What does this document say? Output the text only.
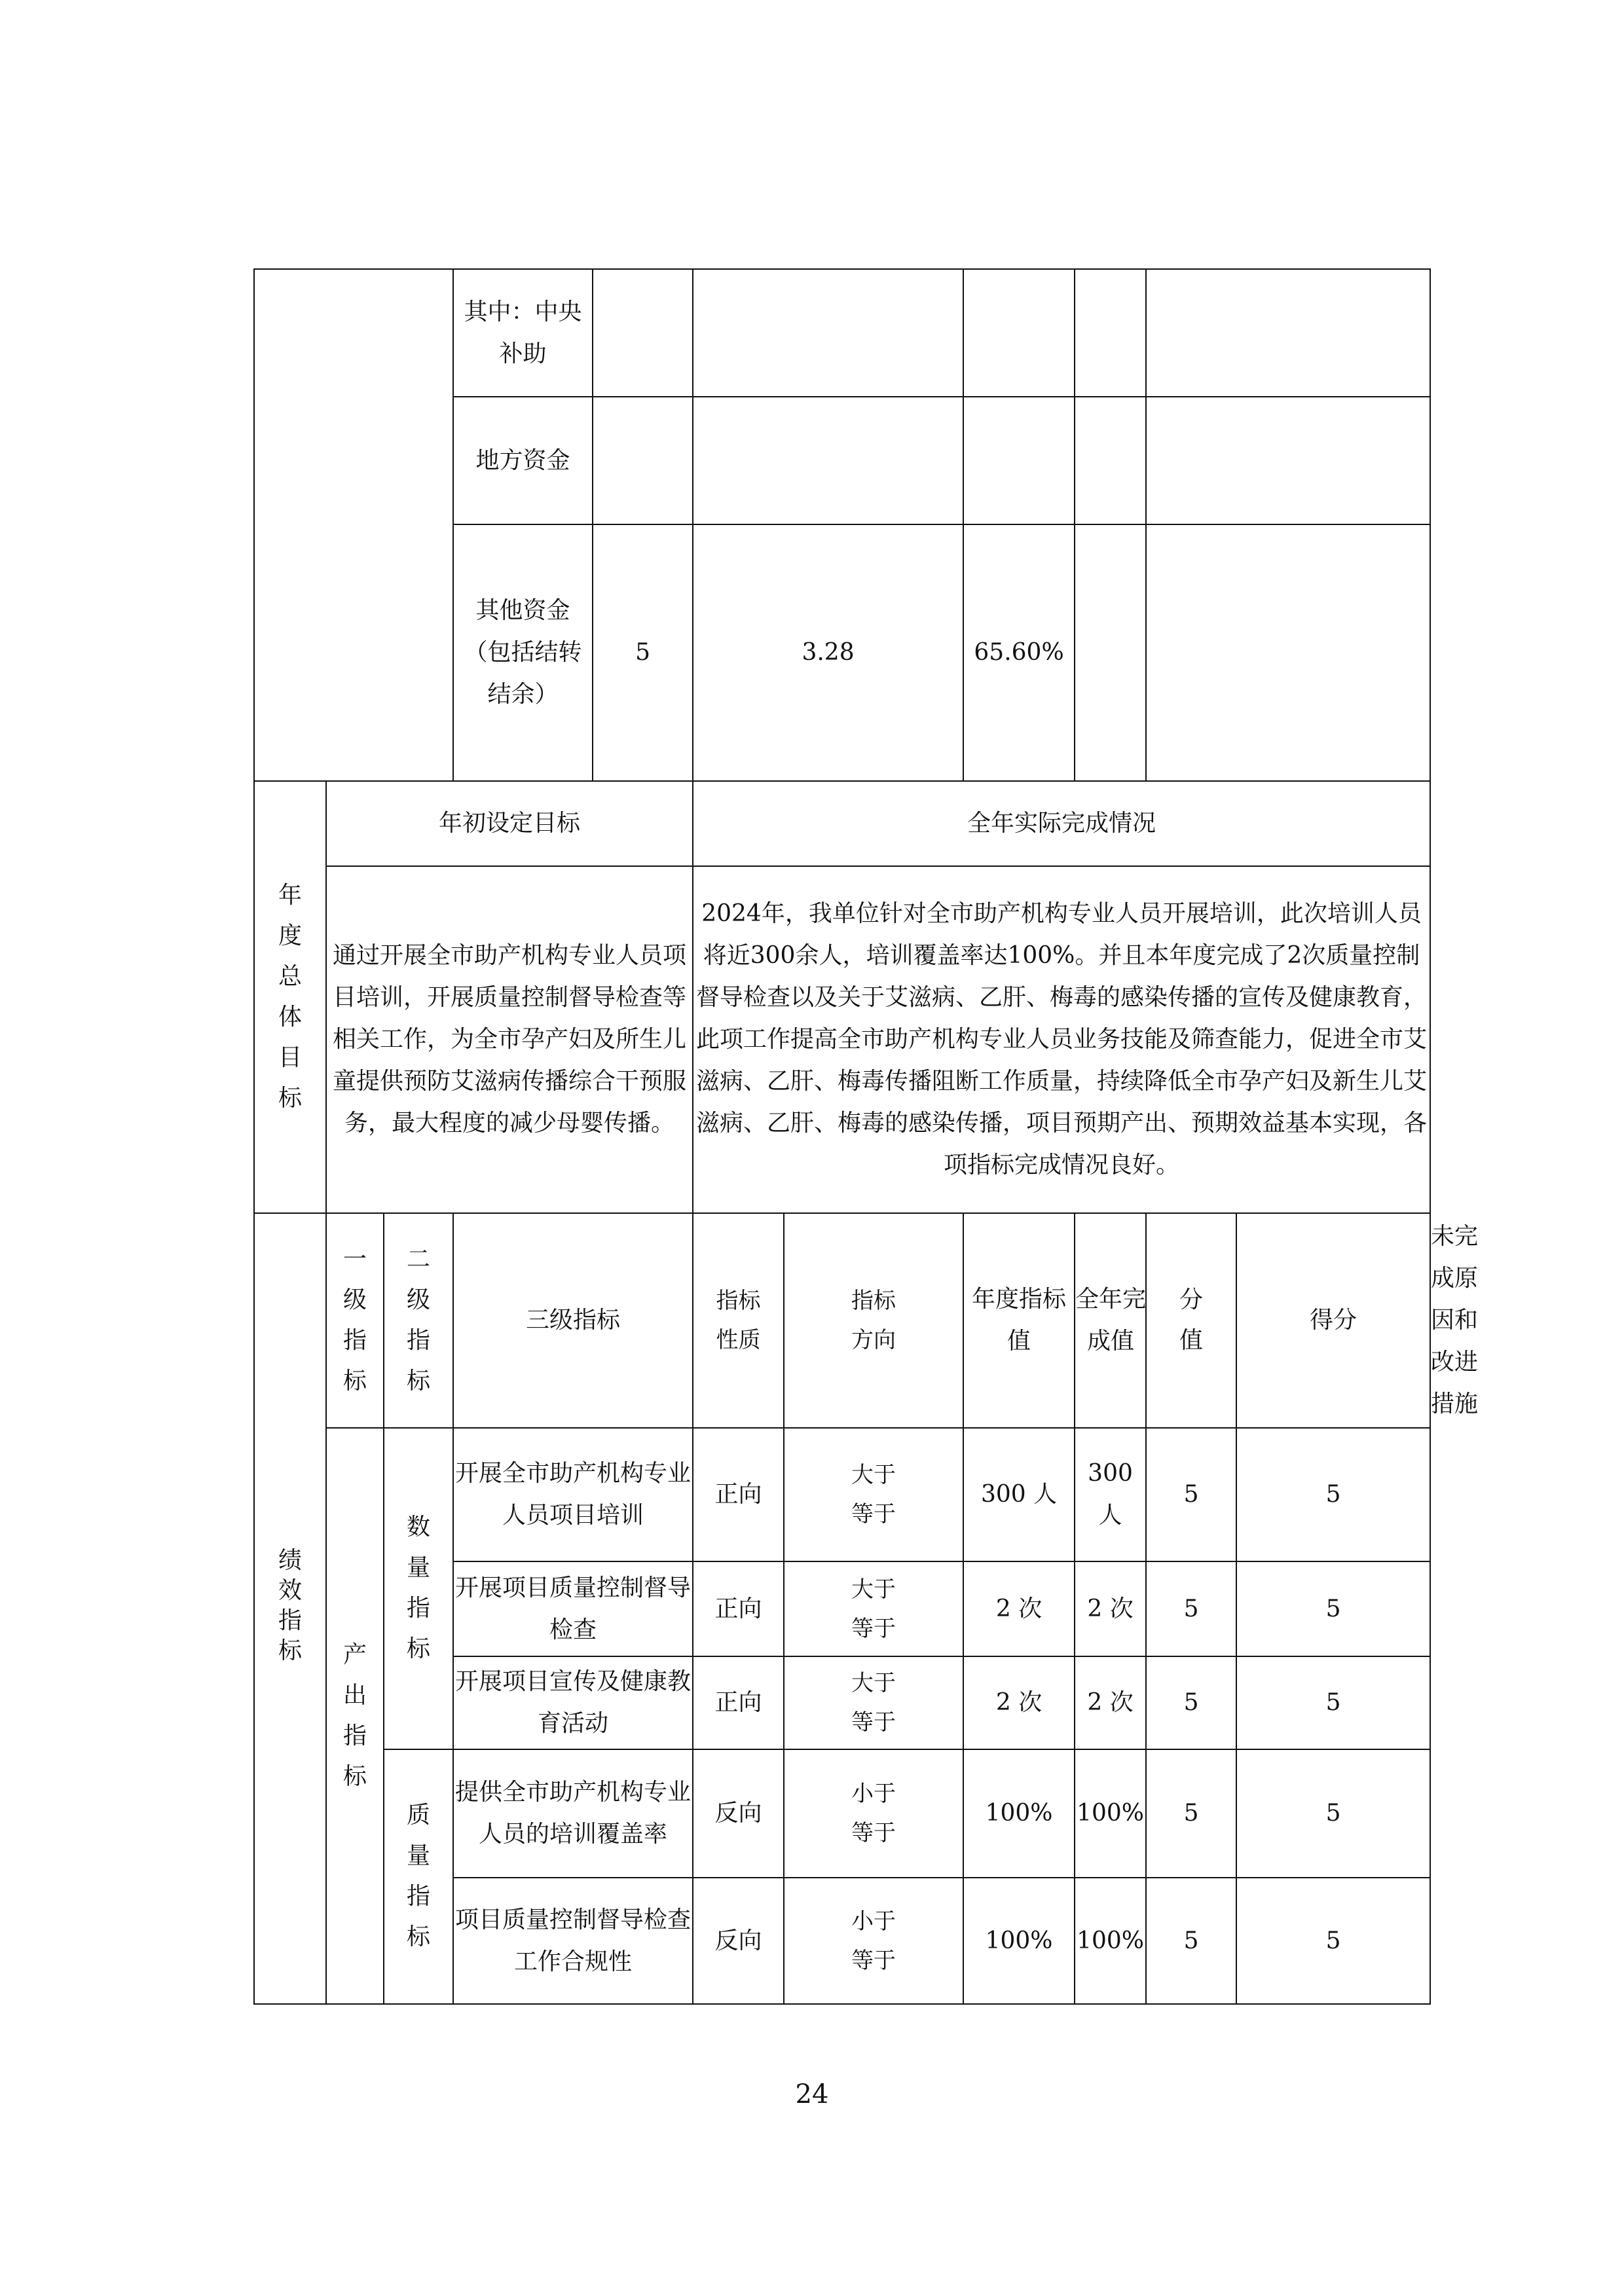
			其中：中央补助								
			地方资金								
			其他资金（包括结转结余）	5	3.28		65.60%				
年度总体目标	年初设定目标				全年实际完成情况						
	通过开展全市助产机构专业人员项目培训，开展质量控制督导检查等相关工作，为全市孕产妇及所生儿童提供预防艾滋病传播综合干预服务，最大程度的减少母婴传播。				2024年，我单位针对全市助产机构专业人员开展培训，此次培训人员将近300余人，培训覆盖率达100%。并且本年度完成了2次质量控制督导检查以及关于艾滋病、乙肝、梅毒的感染传播的宣传及健康教育，此项工作提高全市助产机构专业人员业务技能及筛查能力，促进全市艾滋病、乙肝、梅毒传播阻断工作质量，持续降低全市孕产妇及新生儿艾滋病、乙肝、梅毒的感染传播，项目预期产出、预期效益基本实现，各项指标完成情况良好。						
绩效指标	一级指标	二级指标	三级指标		指标性质	指标方向	年度指标值	全年完成值	分值	得分	未完成原因和改进措施
	产出指标	数量指标	开展全市助产机构专业人员项目培训		正向	大于等于	300 人	300 人	5	5	
			开展项目质量控制督导检查		正向	大于等于	2 次	2 次	5	5	
			开展项目宣传及健康教育活动		正向	大于等于	2 次	2 次	5	5	
		质量指标	提供全市助产机构专业人员的培训覆盖率		反向	小于等于	100%	100%	5	5	
			项目质量控制督导检查工作合规性		反向	小于等于	100%	100%	5	5	
24
